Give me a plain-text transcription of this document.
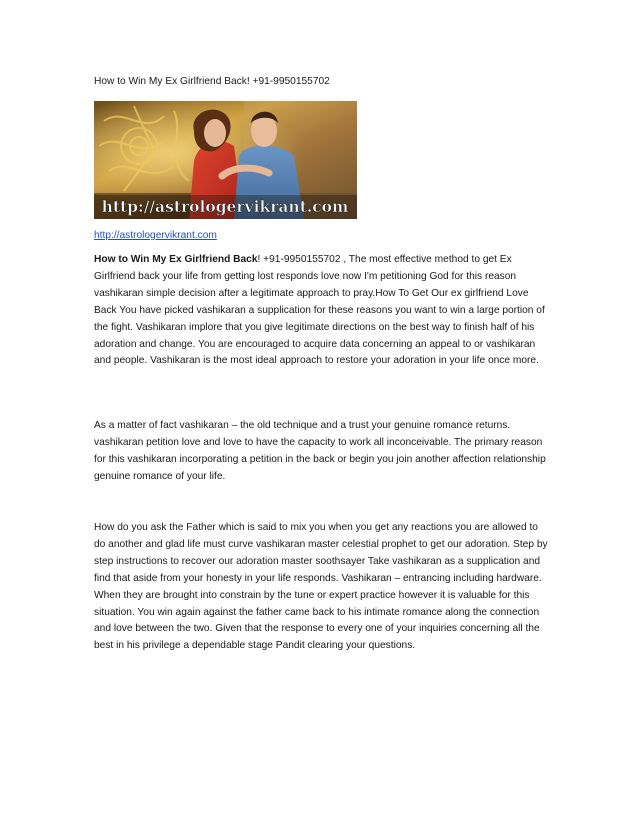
How to Win My Ex Girlfriend Back! +91-9950155702
http://astrologervikrant.com
http://astrologervikrant.com

How to Win My Ex Girlfriend Back! +91-9950155702 , The most effective method to get Ex Girlfriend back your life from getting lost responds love now I'm petitioning God for this reason vashikaran simple decision after a legitimate approach to pray.How To Get Our ex girlfriend Love Back You have picked vashikaran a supplication for these reasons you want to win a large portion of the fight. Vashikaran implore that you give legitimate directions on the best way to finish half of his adoration and change. You are encouraged to acquire data concerning an appeal to or vashikaran and people. Vashikaran is the most ideal approach to restore your adoration in your life once more.

As a matter of fact vashikaran – the old technique and a trust your genuine romance returns. vashikaran petition love and love to have the capacity to work all inconceivable. The primary reason for this vashikaran incorporating a petition in the back or begin you join another affection relationship genuine romance of your life.

How do you ask the Father which is said to mix you when you get any reactions you are allowed to do another and glad life must curve vashikaran master celestial prophet to get our adoration. Step by step instructions to recover our adoration master soothsayer Take vashikaran as a supplication and find that aside from your honesty in your life responds. Vashikaran – entrancing including hardware. When they are brought into constrain by the tune or expert practice however it is valuable for this situation. You win again against the father came back to his intimate romance along the connection and love between the two. Given that the response to every one of your inquiries concerning all the best in his privilege a dependable stage Pandit clearing your questions.
